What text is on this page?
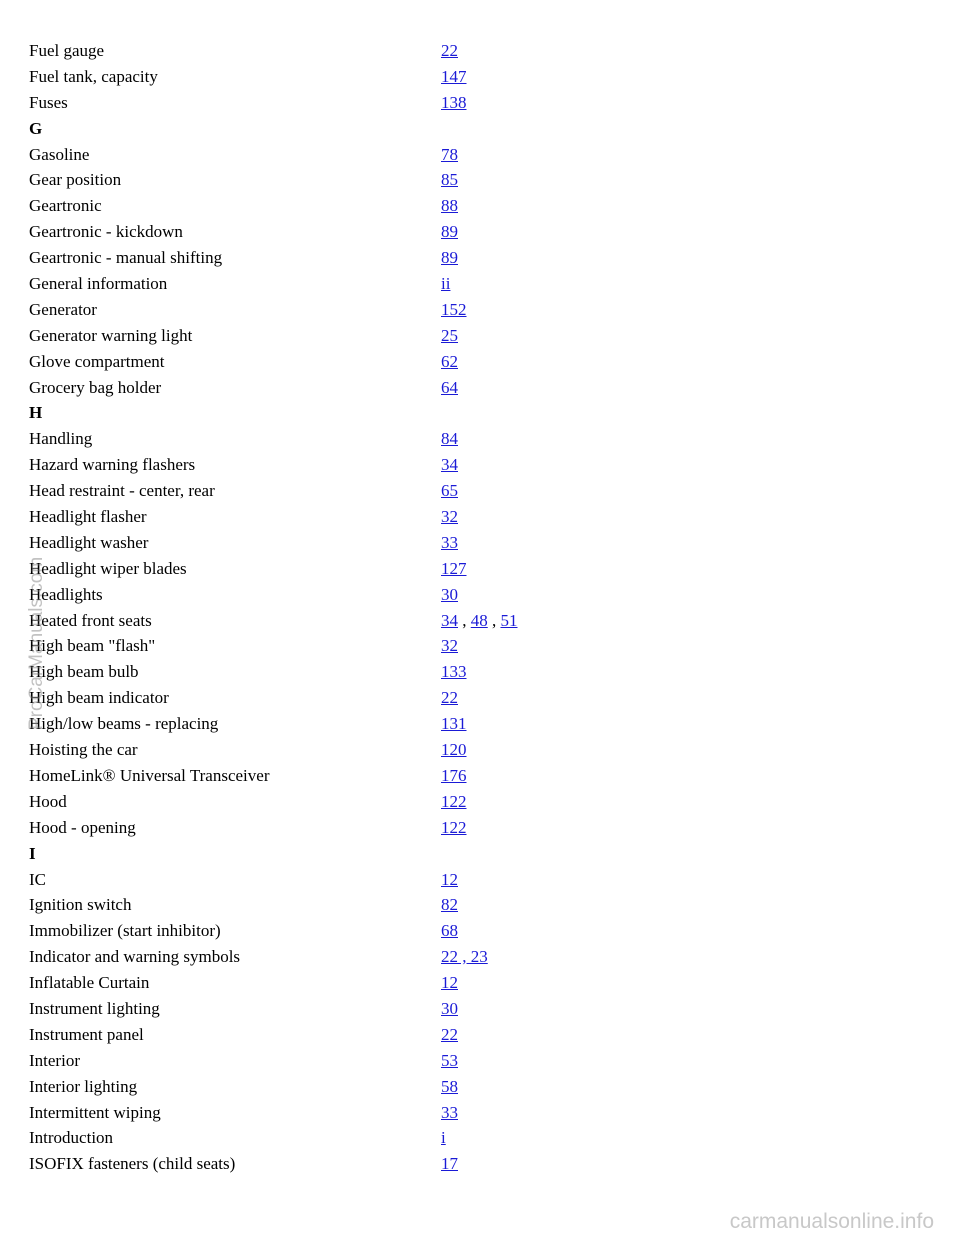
Fuel gauge	22
Fuel tank, capacity	147
Fuses	138
G
Gasoline	78
Gear position	85
Geartronic	88
Geartronic - kickdown	89
Geartronic - manual shifting	89
General information	ii
Generator	152
Generator warning light	25
Glove compartment	62
Grocery bag holder	64
H
Handling	84
Hazard warning flashers	34
Head restraint - center, rear	65
Headlight flasher	32
Headlight washer	33
Headlight wiper blades	127
Headlights	30
Heated front seats	34 , 48 , 51
High beam "flash"	32
High beam bulb	133
High beam indicator	22
High/low beams - replacing	131
Hoisting the car	120
HomeLink® Universal Transceiver	176
Hood	122
Hood - opening	122
I
IC	12
Ignition switch	82
Immobilizer (start inhibitor)	68
Indicator and warning symbols	22 , 23
Inflatable Curtain	12
Instrument lighting	30
Instrument panel	22
Interior	53
Interior lighting	58
Intermittent wiping	33
Introduction	i
ISOFIX fasteners (child seats)	17
ProCarManuals.com
carmanualsonline.info
